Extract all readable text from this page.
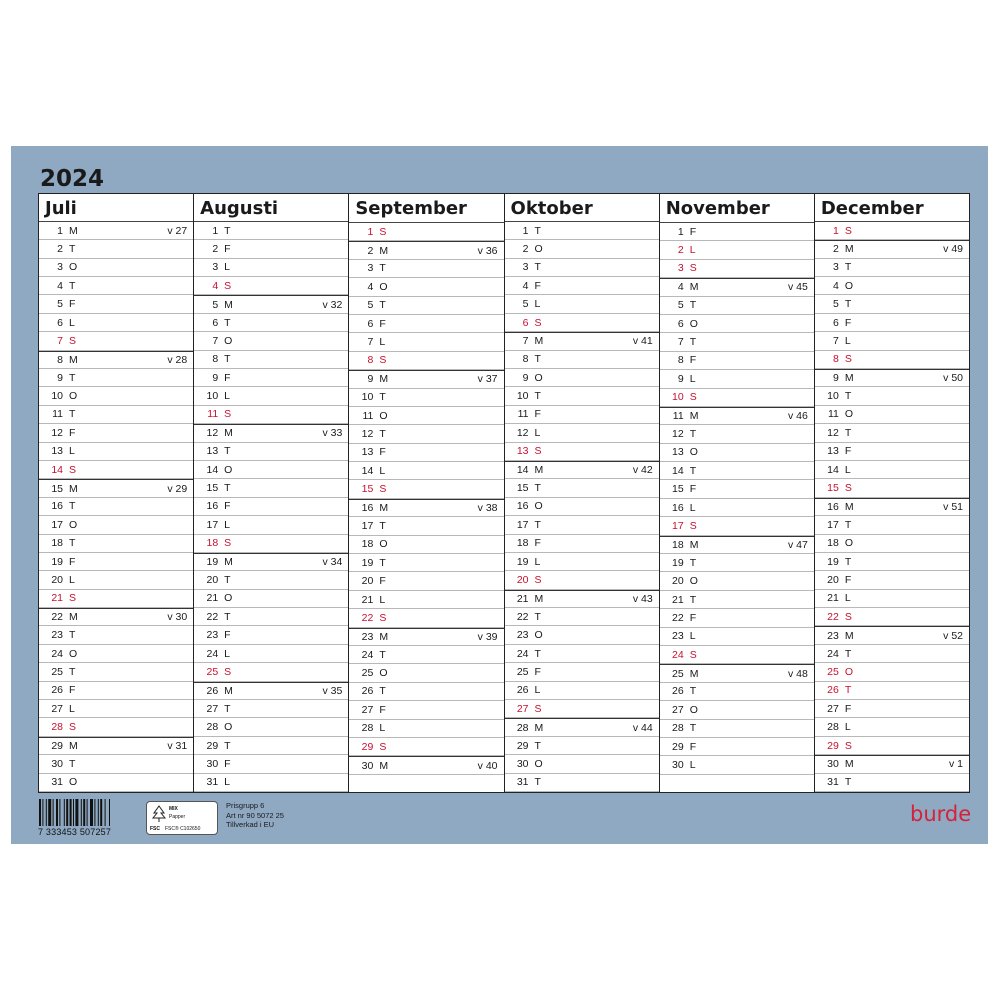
2024
Juli
1 M	v 27
2 T
3 O
4 T
5 F
6 L
7 S
8 M	v 28
9 T
10 O
11 T
12 F
13 L
14 S
15 M	v 29
16 T
17 O
18 T
19 F
20 L
21 S
22 M	v 30
23 T
24 O
25 T
26 F
27 L
28 S
29 M	v 31
30 T
31 O
Augusti
1 T
2 F
3 L
4 S
5 M	v 32
6 T
7 O
8 T
9 F
10 L
11 S
12 M	v 33
13 T
14 O
15 T
16 F
17 L
18 S
19 M	v 34
20 T
21 O
22 T
23 F
24 L
25 S
26 M	v 35
27 T
28 O
29 T
30 F
31 L
September
1 S
2 M	v 36
3 T
4 O
5 T
6 F
7 L
8 S
9 M	v 37
10 T
11 O
12 T
13 F
14 L
15 S
16 M	v 38
17 T
18 O
19 T
20 F
21 L
22 S
23 M	v 39
24 T
25 O
26 T
27 F
28 L
29 S
30 M	v 40
Oktober
1 T
2 O
3 T
4 F
5 L
6 S
7 M	v 41
8 T
9 O
10 T
11 F
12 L
13 S
14 M	v 42
15 T
16 O
17 T
18 F
19 L
20 S
21 M	v 43
22 T
23 O
24 T
25 F
26 L
27 S
28 M	v 44
29 T
30 O
31 T
November
1 F
2 L
3 S
4 M	v 45
5 T
6 O
7 T
8 F
9 L
10 S
11 M	v 46
12 T
13 O
14 T
15 F
16 L
17 S
18 M	v 47
19 T
20 O
21 T
22 F
23 L
24 S
25 M	v 48
26 T
27 O
28 T
29 F
30 L
December
1 S
2 M	v 49
3 T
4 O
5 T
6 F
7 L
8 S
9 M	v 50
10 T
11 O
12 T
13 F
14 L
15 S
16 M	v 51
17 T
18 O
19 T
20 F
21 L
22 S
23 M	v 52
24 T
25 O
26 T
27 F
28 L
29 S
30 M	v 1
31 T
7 333453 507257
MIX
Papper
FSC FSC® C102650
Prisgrupp 6
Art nr 90 5072 25
Tillverkad i EU	burde
